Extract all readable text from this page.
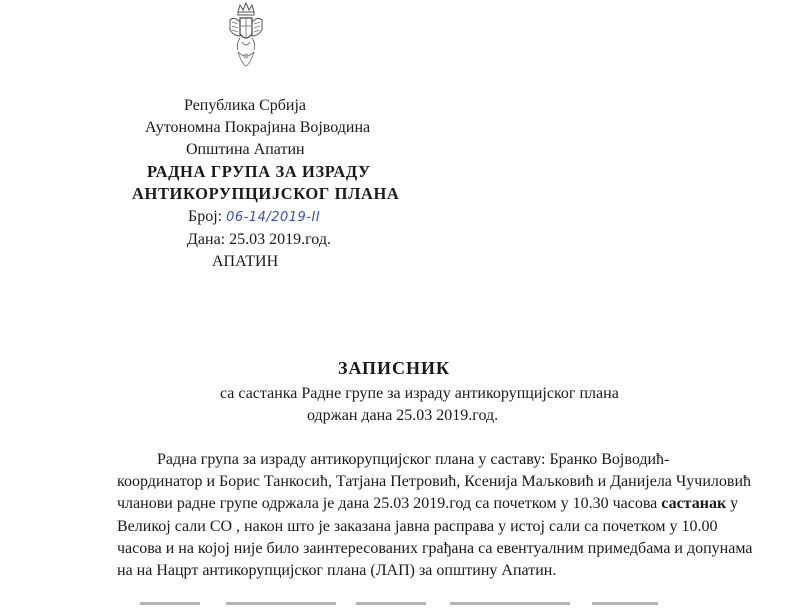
Република Србија
Аутономна Покрајина Војводина
Општина Апатин
РАДНА ГРУПА ЗА ИЗРАДУ
АНТИКОРУПЦИЈСКОГ ПЛАНА
Број: 06-14/2019-II
Дана: 25.03 2019.год.
АПАТИН
ЗАПИСНИК
са састанка Радне групе за израду антикорупцијског плана
одржан дана 25.03 2019.год.
Радна група за израду антикорупцијског плана у саставу: Бранко Војводић-
координатор и Борис Танкосић, Татјана Петровић, Ксенија Маљковић и Данијела Чучиловић
чланови радне групе одржала је дана 25.03 2019.год са почетком у 10.30 часова састанак у
Великој сали СО , након што је заказана јавна расправа у истој сали са почетком у 10.00
часова и на којој није било заинтересованих грађана са евентуалним примедбама и допунама
на на Нацрт антикорупцијског плана (ЛАП) за општину Апатин.
